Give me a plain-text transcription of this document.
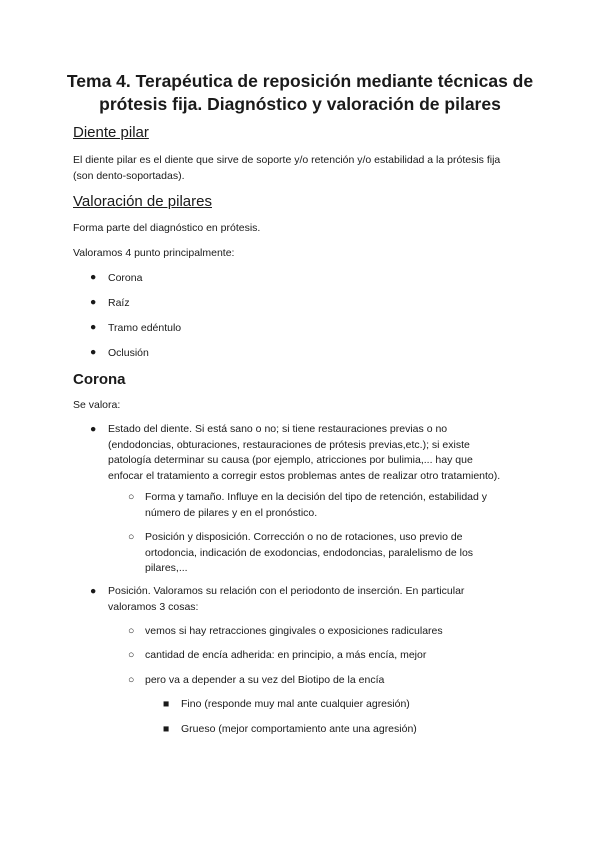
Tema 4. Terapéutica de reposición mediante técnicas de
prótesis fija. Diagnóstico y valoración de pilares
Diente pilar
El diente pilar es el diente que sirve de soporte y/o retención y/o estabilidad a la prótesis fija
(son dento-soportadas).
Valoración de pilares
Forma parte del diagnóstico en prótesis.
Valoramos 4 punto principalmente:
● Corona
● Raíz
● Tramo edéntulo
● Oclusión
Corona
Se valora:
● Estado del diente. Si está sano o no; si tiene restauraciones previas o no
(endodoncias, obturaciones, restauraciones de prótesis previas,etc.); si existe
patología determinar su causa (por ejemplo, atricciones por bulimia,... hay que
enfocar el tratamiento a corregir estos problemas antes de realizar otro tratamiento).
○ Forma y tamaño. Influye en la decisión del tipo de retención, estabilidad y
número de pilares y en el pronóstico.
○ Posición y disposición. Corrección o no de rotaciones, uso previo de
ortodoncia, indicación de exodoncias, endodoncias, paralelismo de los
pilares,...
● Posición. Valoramos su relación con el periodonto de inserción. En particular
valoramos 3 cosas:
○ vemos si hay retracciones gingivales o exposiciones radiculares
○ cantidad de encía adherida: en principio, a más encía, mejor
○ pero va a depender a su vez del Biotipo de la encía
■ Fino (responde muy mal ante cualquier agresión)
■ Grueso (mejor comportamiento ante una agresión)
